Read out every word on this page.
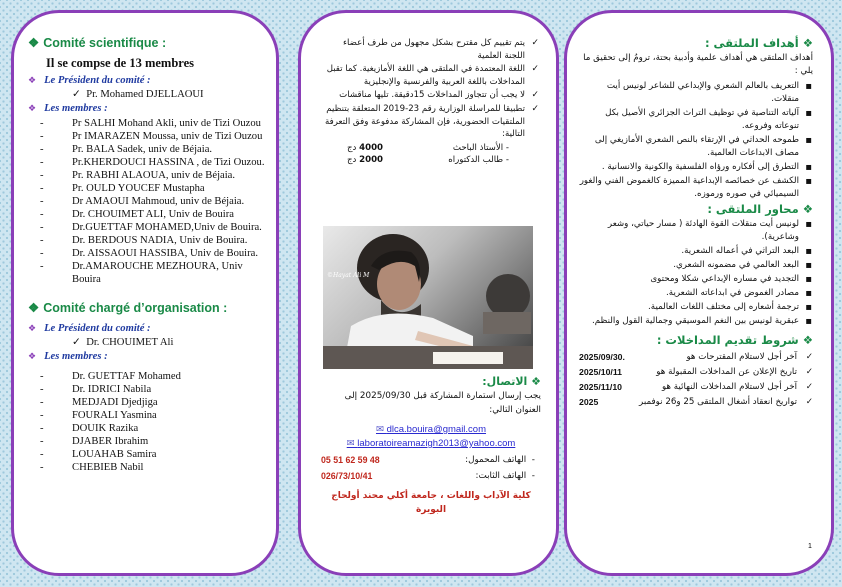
❖ Comité scientifique :
Il se compse de 13 membres
❖ Le Président du comité :
✓  Pr. Mohamed DJELLAOUI
❖ Les membres :
- Pr SALHI Mohand Akli, univ de Tizi Ouzou
- Pr IMARAZEN Moussa, univ de Tizi Ouzou
- Pr. BALA Sadek, univ de Béjaia.
- Pr.KHERDOUCI HASSINA , de Tizi Ouzou.
- Pr. RABHI ALAOUA, univ de Béjaia.
- Pr. OULD YOUCEF Mustapha
- Dr AMAOUI Mahmoud, univ de Béjaia.
- Dr. CHOUIMET ALI, Univ de Bouira
- Dr.GUETTAF MOHAMED,Univ de Bouira.
- Dr. BERDOUS NADIA, Univ de Bouira.
- Dr. AISSAOUI HASSIBA, Univ de Bouira.
- Dr.AMAROUCHE MEZHOURA, Univ Bouira
❖ Comité chargé d’organisation :
❖ Le Président du comité :
✓  Dr. CHOUIMET Ali
❖ Les membres :
- Dr. GUETTAF Mohamed
- Dr. IDRICI Nabila
- MEDJADI Djedjiga
- FOURALI Yasmina
- DOUIK Razika
- DJABER Ibrahim
- LOUAHAB Samira
- CHEBIEB Nabil
✓ يتم تقييم كل مقترح بشكل مجهول من طرف أعضاء اللجنة العلمية
✓ اللغة المعتمدة في الملتقى هي اللغة الأمازيغية. كما تقبل المداخلات باللغة العربية والفرنسية والإنجليزية
✓ لا يجب أن تتجاوز المداخلات 15دقيقة. تليها مناقشات
✓ تطبيقا للمراسلة الوزارية رقم 23-2019 المتعلقة بتنظيم الملتقيات الحضورية، فإن المشاركة مدفوعة وفق التعرفة التالية:
- الأستاذ الباحث
4000 دج
- طالب الدكتوراه
2000 دج
©Hayat Ali M
❖ الاتصال:
يجب إرسال استمارة المشاركة قبل 2025/09/30 إلى العنوان التالي:
✉ dlca.bouira@gmail.com
✉ laboratoireamazigh2013@yahoo.com
-  الهاتف المحمول:
05 51 62 59 48
-  الهاتف الثابت:
026/73/10/41
كلية الآداب واللغات ، جامعة أكلي محند أولحاج البويرة
❖أهداف الملتقى :
أهداف الملتقى هي أهداف علمية وأدبية بحتة، ترومُ إلى تحقيق ما يلي :
▪ التعريف بالعالم الشعري والإبداعي للشاعر لونيس أيت منقلات.
▪ آلياته التناصية في توظيف التراث الجزائري الأصيل بكل تنوعاته وفروعه.
▪ طموحه الحداثي في الإرتقاء بالنص الشعري الأمازيغي إلى مصاف الابداعات العالمية.
▪ التطرق إلى أفكاره ورؤاه الفلسفية والكونية والانسانية .
▪ الكشف عن خصائصه الإبداعية المميزة كالغموض الفني والغور السيميائي في صوره ورموزه.
❖محاور الملتقى :
▪ لونيس أيت منقلات القوة الهادئة ( مسار حياتي، وشعر وشاعرية).
▪ البعد التراثي في أعماله الشعرية.
▪ البعد العالمي في مضمونه الشعري.
▪ التجديد في مساره الإبداعي شكلا ومحتوى
▪ مصادر الغموض في ابداعاته الشعرية.
▪ ترجمة أشعاره إلى مختلف اللغات العالمية.
▪ عبقرية لونيس بين النغم الموسيقي وجمالية القول والنظم.
❖شروط تقديم المداخلات :
✓ آخر أجل لاستلام المقترحات هو
2025/09/30.
✓ تاريخ الإعلان عن المداخلات المقبولة هو
2025/10/11
✓ آخر أجل لاستلام المداخلات النهائية هو
2025/11/10
✓ تواريخ انعقاد أشغال الملتقى 25 و26 نوفمبر
2025
1
